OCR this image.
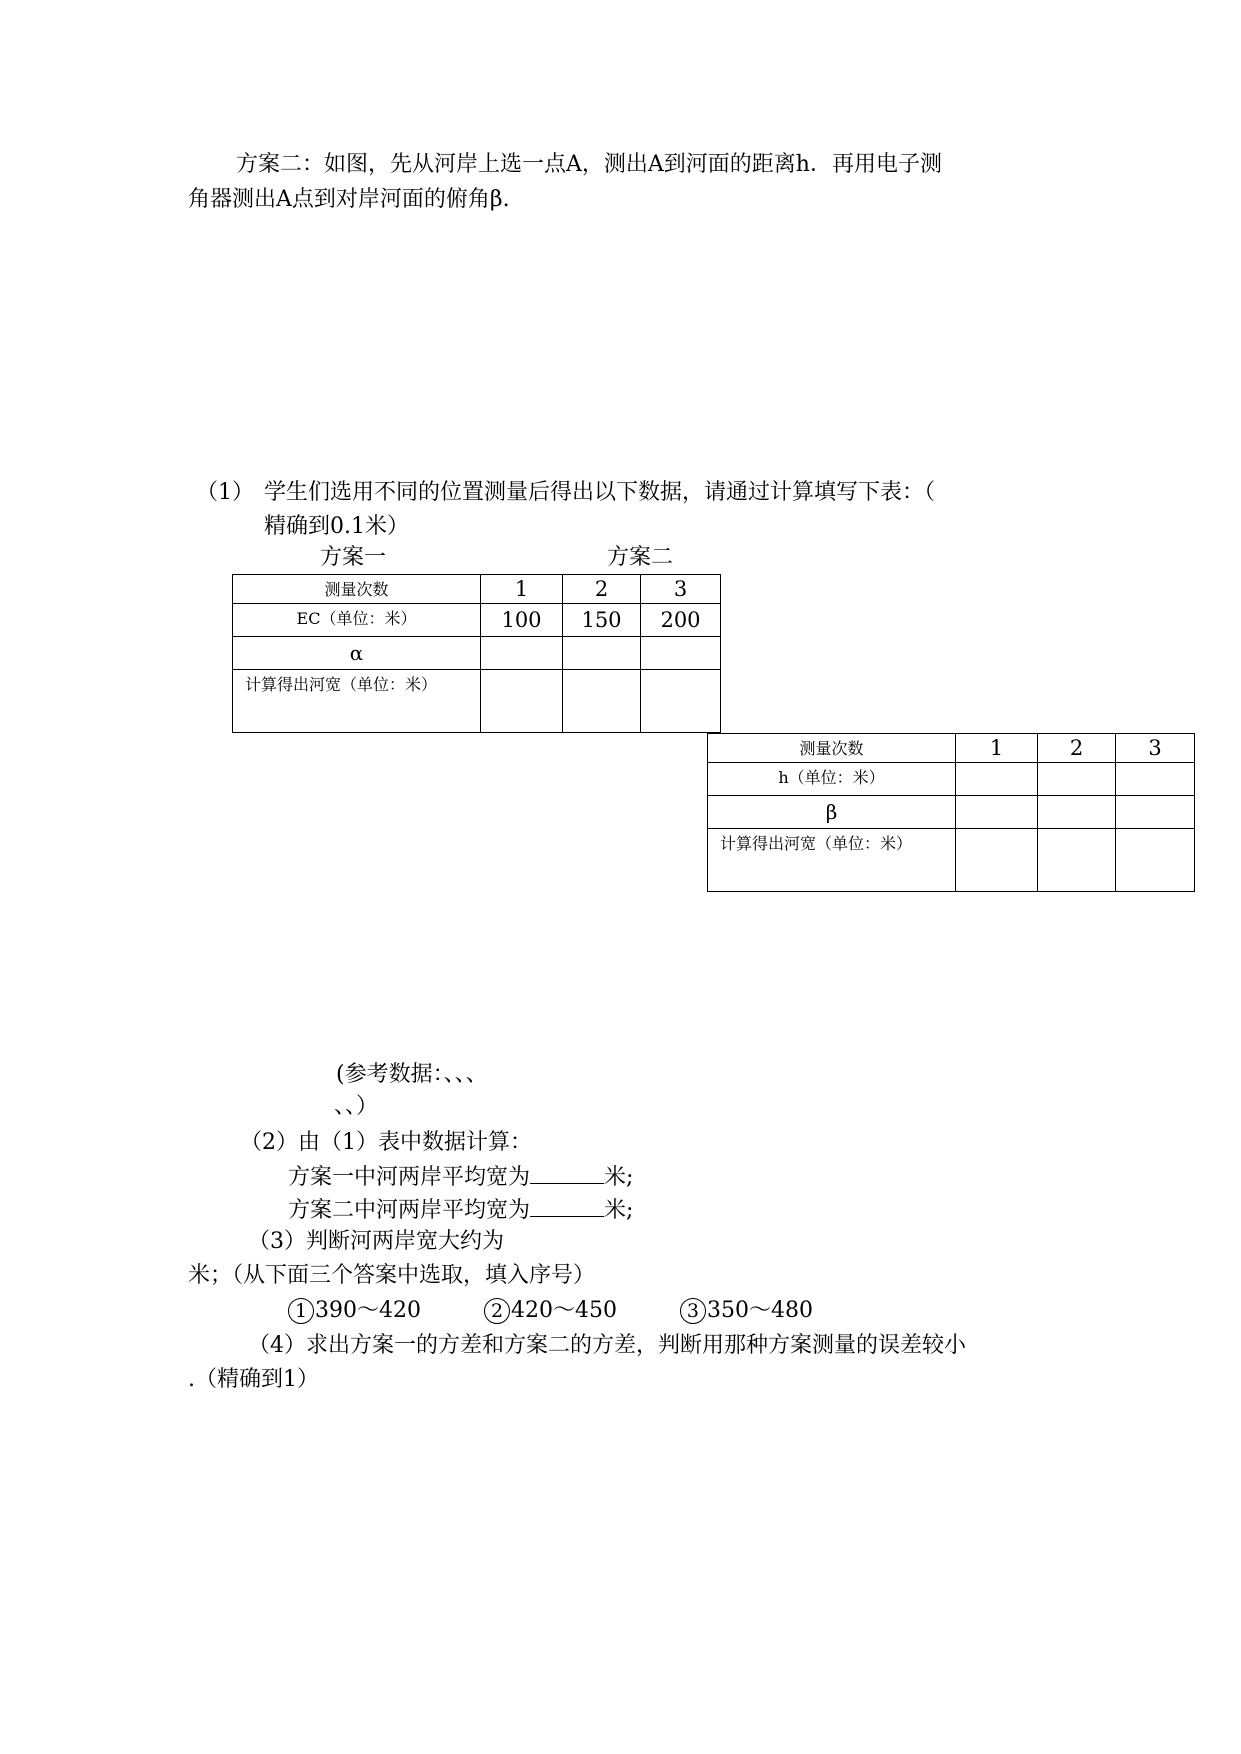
方案二：如图，先从河岸上选一点A，测出A到河面的距离h．再用电子测
角器测出A点到对岸河面的俯角β.
（1） 学生们选用不同的位置测量后得出以下数据，请通过计算填写下表：（
精确到0.1米）
方案一	方案二
测量次数	1	2	3
EC（单位：米）	100	150	200
α			
计算得出河宽（单位：米）			
测量次数	1	2	3
h（单位：米）			
β			
计算得出河宽（单位：米）			
(参考数据：、、、
、、）
（2）由（1）表中数据计算：
方案一中河两岸平均宽为	米;
方案二中河两岸平均宽为	米;
（3）判断河两岸宽大约为
米；（从下面三个答案中选取，填入序号）
1 390～420	2 420～450	3 350～480
（4）求出方案一的方差和方案二的方差，判断用那种方案测量的误差较小
.（精确到1）
